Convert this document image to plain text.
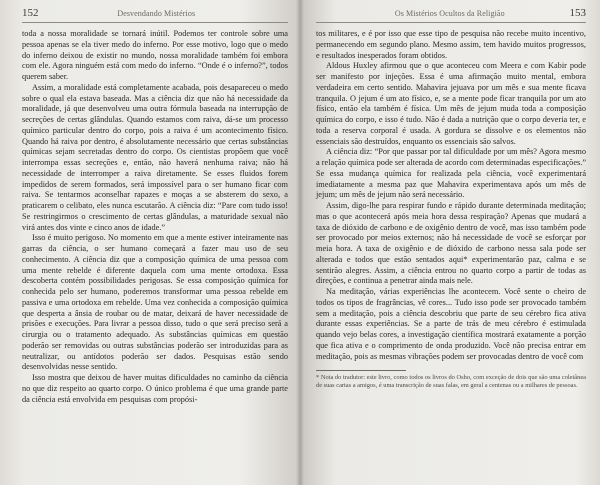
152	Desvendando Mistérios

toda a nossa moralidade se tornará inútil. Podemos ter controle sobre uma pessoa apenas se ela tiver medo do inferno. Por esse motivo, logo que o medo do inferno deixou de existir no mundo, nossa moralidade também foi embora com ele. Agora ninguém está com medo do inferno. “Onde é o inferno?”, todos querem saber.

Assim, a moralidade está completamente acabada, pois desapareceu o medo sobre o qual ela estava baseada. Mas a ciência diz que não há necessidade da moralidade, já que desenvolveu uma outra fórmula baseada na interrupção de secreções de certas glândulas. Quando estamos com raiva, dá-se um processo químico particular dentro do corpo, pois a raiva é um acontecimento físico. Quando há raiva por dentro, é absolutamente necessário que certas substâncias químicas sejam secretadas dentro do corpo. Os cientistas propõem que você interrompa essas secreções e, então, não haverá nenhuma raiva; não há necessidade de interromper a raiva diretamente. Se esses fluidos forem impedidos de serem formados, será impossível para o ser humano ficar com raiva. Se tentarmos aconselhar rapazes e moças a se absterem do sexo, a praticarem o celibato, eles nunca escutarão. A ciência diz: “Pare com tudo isso! Se restringirmos o crescimento de certas glândulas, a maturidade sexual não virá antes dos vinte e cinco anos de idade.”

Isso é muito perigoso. No momento em que a mente estiver inteiramente nas garras da ciência, o ser humano começará a fazer mau uso de seu conhecimento. A ciência diz que a composição química de uma pessoa com uma mente rebelde é diferente daquela com uma mente ortodoxa. Essa descoberta contém possibilidades perigosas. Se essa composição química for conhecida pelo ser humano, poderemos transformar uma pessoa rebelde em passiva e uma ortodoxa em rebelde. Uma vez conhecida a composição química que desperta a ânsia de roubar ou de matar, deixará de haver necessidade de prisões e execuções. Para livrar a pessoa disso, tudo o que será preciso será a cirurgia ou o tratamento adequado. As substâncias químicas em questão poderão ser removidas ou outras substâncias poderão ser introduzidas para as neutralizar, ou antídotos poderão ser dados. Pesquisas estão sendo desenvolvidas nesse sentido.

Isso mostra que deixou de haver muitas dificuldades no caminho da ciência no que diz respeito ao quarto corpo. O único problema é que uma grande parte da ciência está envolvida em pesquisas com propósi-

Os Mistérios Ocultos da Religião	153

tos militares, e é por isso que esse tipo de pesquisa não recebe muito incentivo, permanecendo em segundo plano. Mesmo assim, tem havido muitos progressos, e resultados inesperados foram obtidos.

Aldous Huxley afirmou que o que aconteceu com Meera e com Kabir pode ser manifesto por injeções. Essa é uma afirmação muito mental, embora verdadeira em certo sentido. Mahavira jejuava por um mês e sua mente ficava tranquila. O jejum é um ato físico, e, se a mente pode ficar tranquila por um ato físico, então ela também é física. Um mês de jejum muda toda a composição química do corpo, e isso é tudo. Não é dada a nutrição que o corpo deveria ter, e toda a reserva corporal é usada. A gordura se dissolve e os elementos não essenciais são destruídos, enquanto os essenciais são salvos.

A ciência diz: “Por que passar por tal dificuldade por um mês? Agora mesmo a relação química pode ser alterada de acordo com determinadas especificações.” Se essa mudança química for realizada pela ciência, você experimentará imediatamente a mesma paz que Mahavira experimentava após um mês de jejum; um mês de jejum não será necessário.

Assim, digo-lhe para respirar fundo e rápido durante determinada meditação; mas o que acontecerá após meia hora dessa respiração? Apenas que mudará a taxa de dióxido de carbono e de oxigênio dentro de você, mas isso também pode ser provocado por meios externos; não há necessidade de você se esforçar por meia hora. A taxa de oxigênio e de dióxido de carbono nessa sala pode ser alterada e todos que estão sentados aqui* experimentarão paz, calma e se sentirão alegres. Assim, a ciência entrou no quarto corpo a partir de todas as direções, e continua a penetrar ainda mais nele.

Na meditação, várias experiências lhe acontecem. Você sente o cheiro de todos os tipos de fragrâncias, vê cores... Tudo isso pode ser provocado também sem a meditação, pois a ciência descobriu que parte de seu cérebro fica ativa durante essas experiências. Se a parte de trás de meu cérebro é estimulada quando vejo belas cores, a investigação científica mostrará exatamente a porção que fica ativa e o comprimento de onda produzido. Você não precisa entrar em meditação, pois as mesmas vibrações podem ser provocadas dentro de você com

* Nota do tradutor: este livro, como todos os livros do Osho, com exceção de dois que são uma coletânea de suas cartas a amigos, é uma transcrição de suas falas, em geral a centenas ou a milhares de pessoas.
